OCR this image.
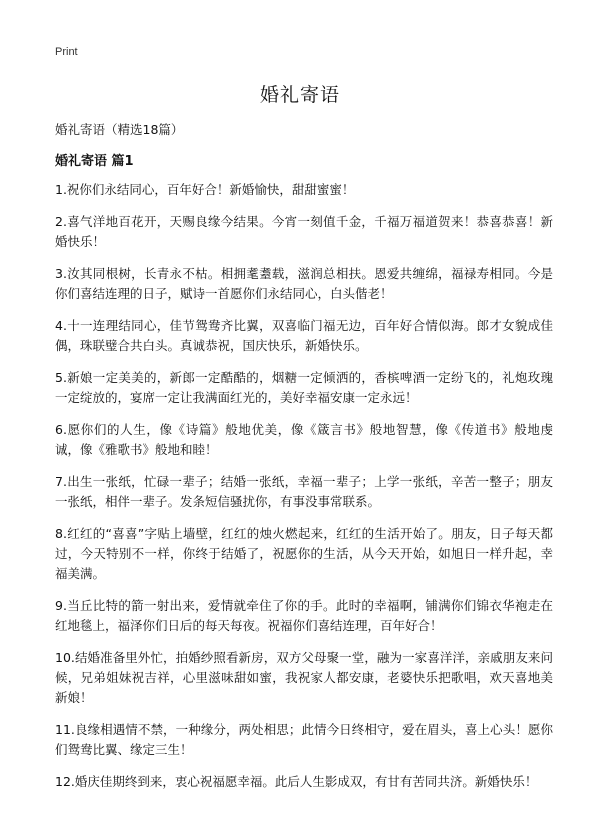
Print
婚礼寄语

婚礼寄语（精选18篇）

婚礼寄语 篇1
1.祝你们永结同心，百年好合！新婚愉快，甜甜蜜蜜！
2.喜气洋地百花开，天赐良缘今结果。今宵一刻值千金，千福万福道贺来！恭喜恭喜！新婚快乐！
3.汝其同根树，长青永不枯。相拥耄耋载，滋润总相扶。恩爱共缠绵，福禄寿相同。今是你们喜结连理的日子，赋诗一首愿你们永结同心，白头偕老！
4.十一连理结同心，佳节鸳鸯齐比翼，双喜临门福无边，百年好合情似海。郎才女貌成佳偶，珠联璧合共白头。真诚恭祝，国庆快乐，新婚快乐。
5.新娘一定美美的，新郎一定酷酷的，烟糖一定倾洒的，香槟啤酒一定纷飞的，礼炮玫瑰一定绽放的，宴席一定让我满面红光的，美好幸福安康一定永远！
6.愿你们的人生，像《诗篇》般地优美，像《箴言书》般地智慧，像《传道书》般地虔诚，像《雅歌书》般地和睦！
7.出生一张纸，忙碌一辈子；结婚一张纸，幸福一辈子；上学一张纸，辛苦一整子；朋友一张纸，相伴一辈子。发条短信骚扰你，有事没事常联系。
8.红红的“喜喜”字贴上墙壁，红红的烛火燃起来，红红的生活开始了。朋友，日子每天都过，今天特别不一样，你终于结婚了，祝愿你的生活，从今天开始，如旭日一样升起，幸福美满。
9.当丘比特的箭一射出来，爱情就牵住了你的手。此时的幸福啊，铺满你们锦衣华袍走在红地毯上，福泽你们日后的每天每夜。祝福你们喜结连理，百年好合！
10.结婚准备里外忙，拍婚纱照看新房，双方父母聚一堂，融为一家喜洋洋，亲戚朋友来问候，兄弟姐妹祝吉祥，心里滋味甜如蜜，我祝家人都安康，老婆快乐把歌唱，欢天喜地美新娘！
11.良缘相遇情不禁，一种缘分，两处相思；此情今日终相守，爱在眉头，喜上心头！愿你们鸳鸯比翼、缘定三生！
12.婚庆佳期终到来，衷心祝福愿幸福。此后人生影成双，有甘有苦同共济。新婚快乐！
